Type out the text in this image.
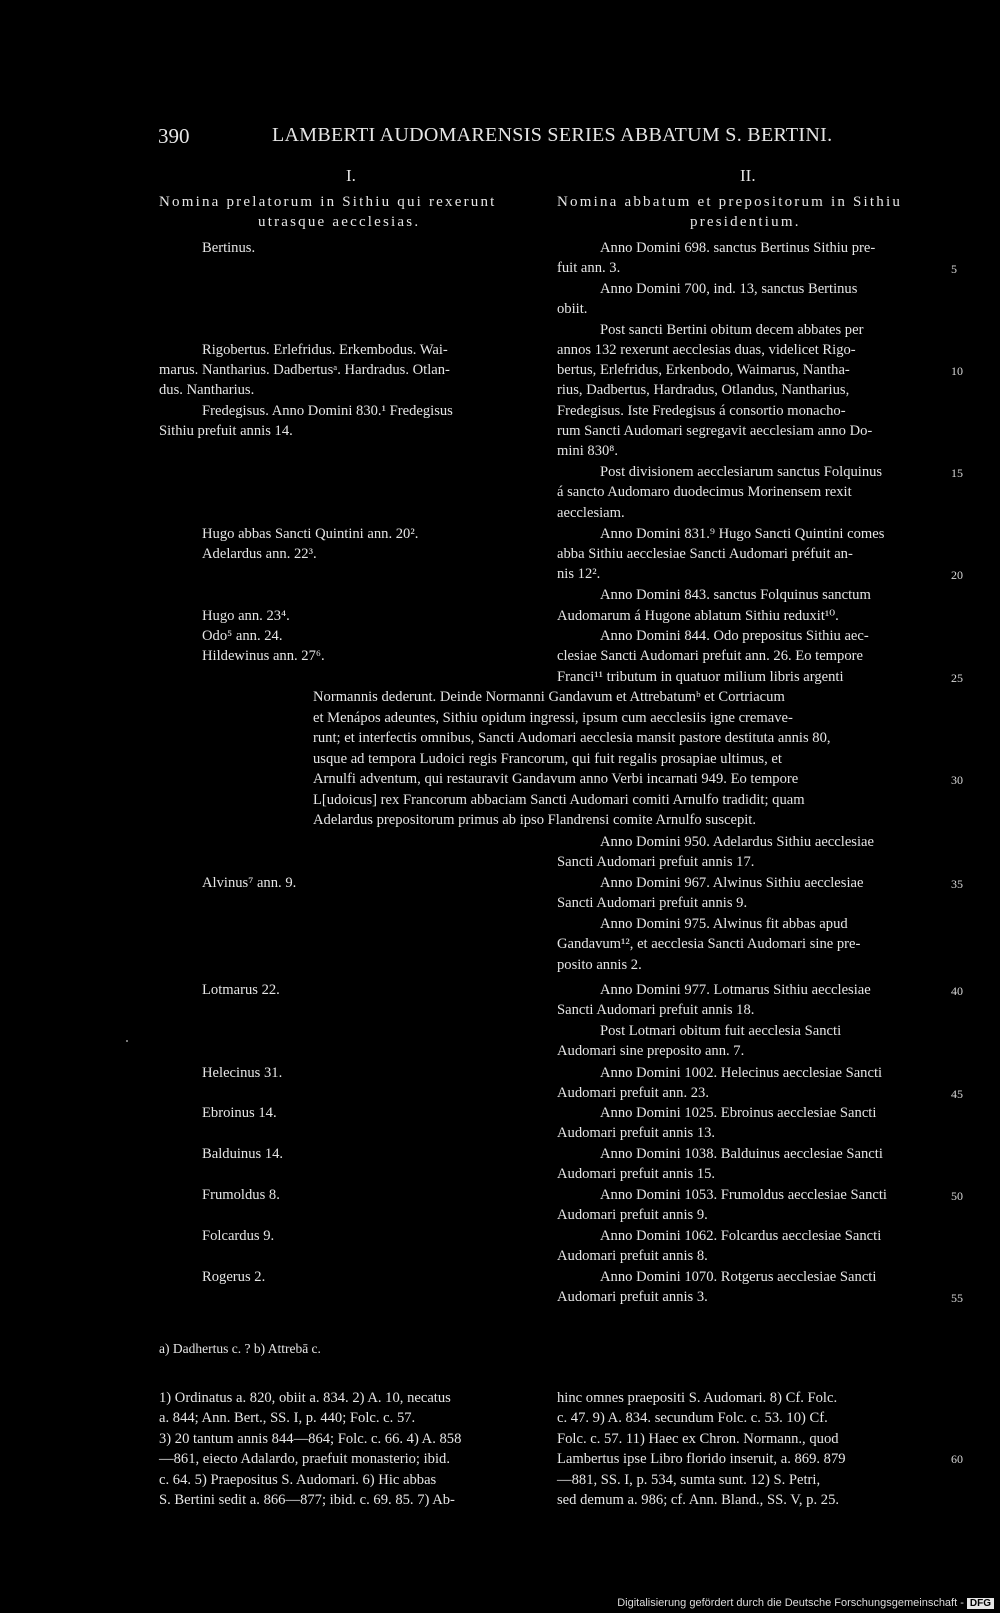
390	LAMBERTI AUDOMARENSIS SERIES ABBATUM S. BERTINI.
I.	II.
Nomina prelatorum in Sithiu qui rexerunt
utrasque aecclesias.
Nomina abbatum et prepositorum in Sithiu
presidentium.
Bertinus.
Rigobertus. Erlefridus. Erkembodus. Wai-
marus. Nantharius. Dadbertusᵃ. Hardradus. Otlan-
dus. Nantharius.
Fredegisus. Anno Domini 830.¹ Fredegisus
Sithiu prefuit annis 14.
Hugo abbas Sancti Quintini ann. 20².
Adelardus ann. 22³.
Hugo ann. 23⁴.
Odo⁵ ann. 24.
Hildewinus ann. 27⁶.
Alvinus⁷ ann. 9.
Lotmarus 22.
Helecinus 31.
Ebroinus 14.
Balduinus 14.
Frumoldus 8.
Folcardus 9.
Rogerus 2.
Anno Domini 698. sanctus Bertinus Sithiu pre-
fuit ann. 3.
Anno Domini 700, ind. 13, sanctus Bertinus
obiit.
Post sancti Bertini obitum decem abbates per
annos 132 rexerunt aecclesias duas, videlicet Rigo-
bertus, Erlefridus, Erkenbodo, Waimarus, Nantha-
rius, Dadbertus, Hardradus, Otlandus, Nantharius,
Fredegisus. Iste Fredegisus á consortio monacho-
rum Sancti Audomari segregavit aecclesiam anno Do-
mini 830⁸.
Post divisionem aecclesiarum sanctus Folquinus
á sancto Audomaro duodecimus Morinensem rexit
aecclesiam.
Anno Domini 831.⁹ Hugo Sancti Quintini comes
abba Sithiu aecclesiae Sancti Audomari préfuit an-
nis 12².
Anno Domini 843. sanctus Folquinus sanctum
Audomarum á Hugone ablatum Sithiu reduxit¹⁰.
Anno Domini 844. Odo prepositus Sithiu aec-
clesiae Sancti Audomari prefuit ann. 26. Eo tempore
Franci¹¹ tributum in quatuor milium libris argenti
Normannis dederunt. Deinde Normanni Gandavum et Attrebatumᵇ et Cortriacum
et Menápos adeuntes, Sithiu opidum ingressi, ipsum cum aecclesiis igne cremave-
runt; et interfectis omnibus, Sancti Audomari aecclesia mansit pastore destituta annis 80,
usque ad tempora Ludoici regis Francorum, qui fuit regalis prosapiae ultimus, et
Arnulfi adventum, qui restauravit Gandavum anno Verbi incarnati 949. Eo tempore
L[udoicus] rex Francorum abbaciam Sancti Audomari comiti Arnulfo tradidit; quam
Adelardus prepositorum primus ab ipso Flandrensi comite Arnulfo suscepit.
Anno Domini 950. Adelardus Sithiu aecclesiae
Sancti Audomari prefuit annis 17.
Anno Domini 967. Alwinus Sithiu aecclesiae
Sancti Audomari prefuit annis 9.
Anno Domini 975. Alwinus fit abbas apud
Gandavum¹², et aecclesia Sancti Audomari sine pre-
posito annis 2.
Anno Domini 977. Lotmarus Sithiu aecclesiae
Sancti Audomari prefuit annis 18.
Post Lotmari obitum fuit aecclesia Sancti
Audomari sine preposito ann. 7.
Anno Domini 1002. Helecinus aecclesiae Sancti
Audomari prefuit ann. 23.
Anno Domini 1025. Ebroinus aecclesiae Sancti
Audomari prefuit annis 13.
Anno Domini 1038. Balduinus aecclesiae Sancti
Audomari prefuit annis 15.
Anno Domini 1053. Frumoldus aecclesiae Sancti
Audomari prefuit annis 9.
Anno Domini 1062. Folcardus aecclesiae Sancti
Audomari prefuit annis 8.
Anno Domini 1070. Rotgerus aecclesiae Sancti
Audomari prefuit annis 3.
5
10
15
20
25
30
35
40
45
50
55
60
a) Dadhertus c. ? b) Attrebā c.
1) Ordinatus a. 820, obiit a. 834. 2) A. 10, necatus
a. 844; Ann. Bert., SS. I, p. 440; Folc. c. 57.
3) 20 tantum annis 844—864; Folc. c. 66. 4) A. 858
—861, eiecto Adalardo, praefuit monasterio; ibid.
c. 64. 5) Praepositus S. Audomari. 6) Hic abbas
S. Bertini sedit a. 866—877; ibid. c. 69. 85. 7) Ab-
hinc omnes praepositi S. Audomari. 8) Cf. Folc.
c. 47. 9) A. 834. secundum Folc. c. 53. 10) Cf.
Folc. c. 57. 11) Haec ex Chron. Normann., quod
Lambertus ipse Libro florido inseruit, a. 869. 879
—881, SS. I, p. 534, sumta sunt. 12) S. Petri,
sed demum a. 986; cf. Ann. Bland., SS. V, p. 25.
Digitalisierung gefördert durch die Deutsche Forschungsgemeinschaft - DFG
